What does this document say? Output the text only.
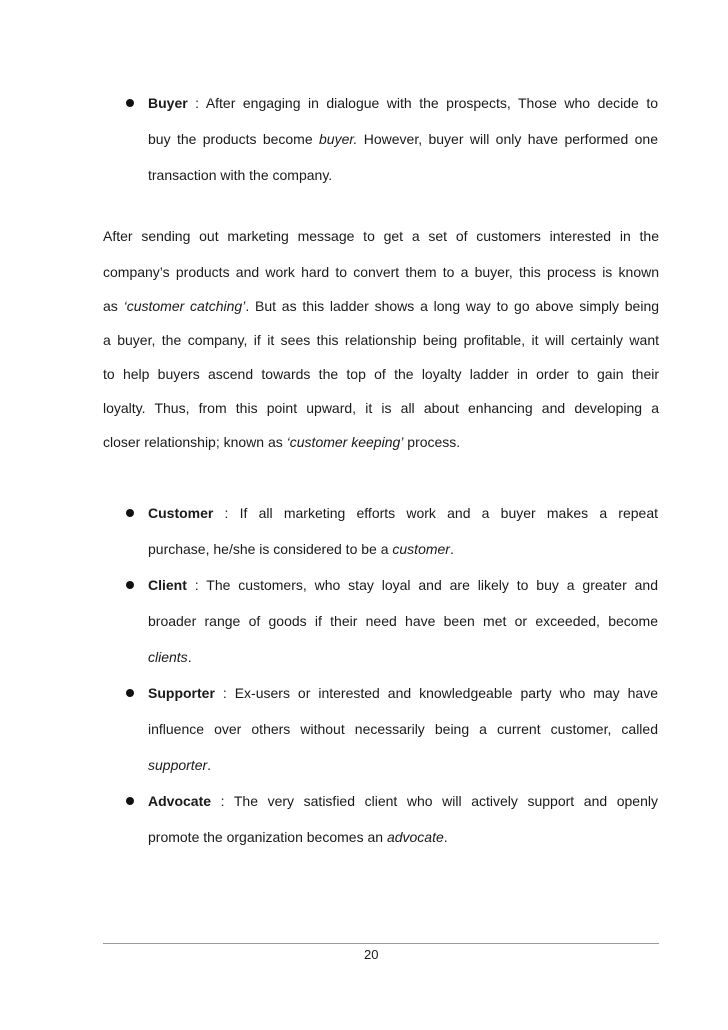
Buyer : After engaging in dialogue with the prospects, Those who decide to
buy the products become buyer. However, buyer will only have performed one
transaction with the company.
After sending out marketing message to get a set of customers interested in the
company’s products and work hard to convert them to a buyer, this process is known
as ‘customer catching’. But as this ladder shows a long way to go above simply being
a buyer, the company, if it sees this relationship being profitable, it will certainly want
to help buyers ascend towards the top of the loyalty ladder in order to gain their
loyalty. Thus, from this point upward, it is all about enhancing and developing a
closer relationship; known as ‘customer keeping’ process.
Customer : If all marketing efforts work and a buyer makes a repeat
purchase, he/she is considered to be a customer.
Client : The customers, who stay loyal and are likely to buy a greater and
broader range of goods if their need have been met or exceeded, become
clients.
Supporter : Ex-users or interested and knowledgeable party who may have
influence over others without necessarily being a current customer, called
supporter.
Advocate : The very satisfied client who will actively support and openly
promote the organization becomes an advocate.
20
